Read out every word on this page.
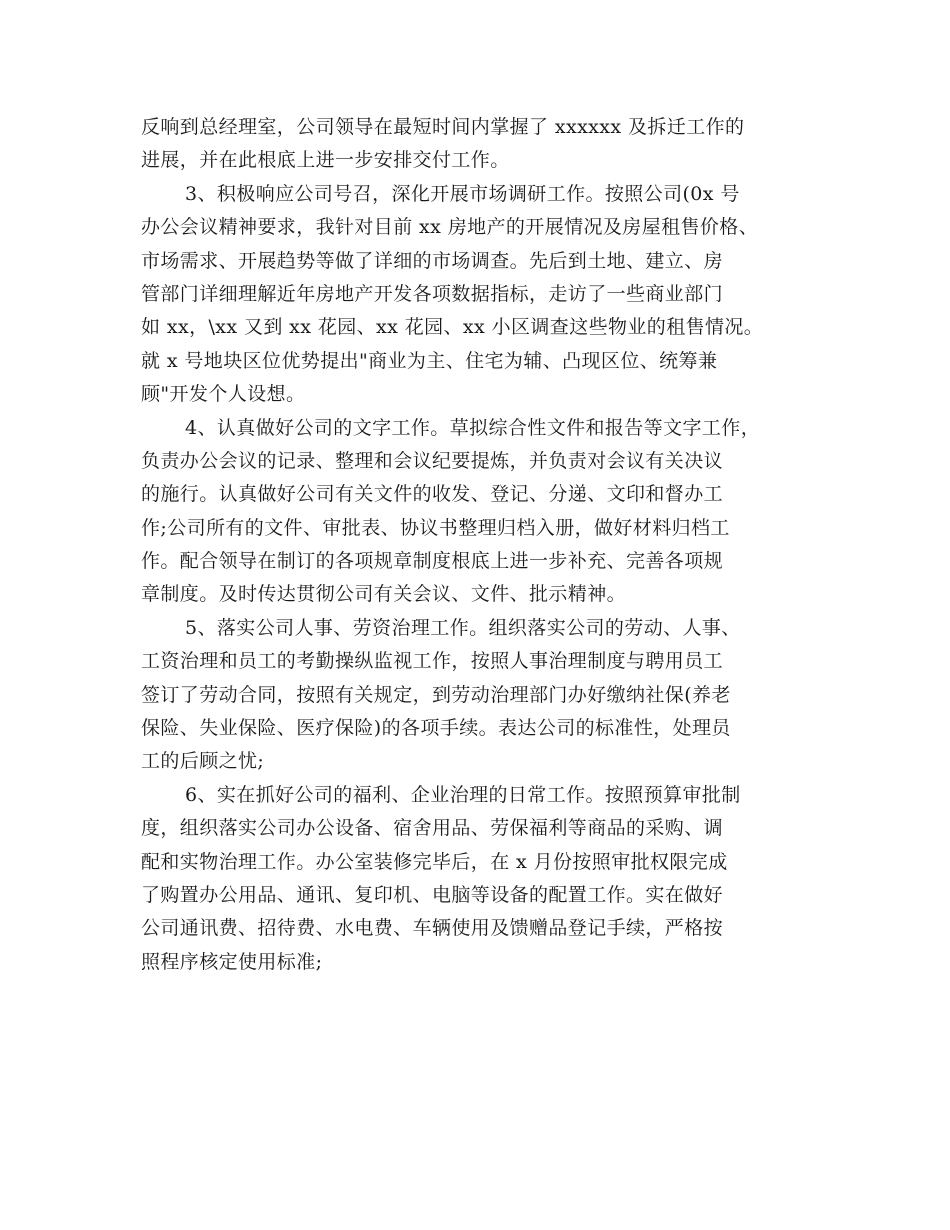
反响到总经理室，公司领导在最短时间内掌握了 xxxxxx 及拆迁工作的
进展，并在此根底上进一步安排交付工作。
3、积极响应公司号召，深化开展市场调研工作。按照公司(0x 号
办公会议精神要求，我针对目前 xx 房地产的开展情况及房屋租售价格、
市场需求、开展趋势等做了详细的市场调查。先后到土地、建立、房
管部门详细理解近年房地产开发各项数据指标，走访了一些商业部门
如 xx，\xx 又到 xx 花园、xx 花园、xx 小区调查这些物业的租售情况。
就 x 号地块区位优势提出"商业为主、住宅为辅、凸现区位、统筹兼
顾"开发个人设想。
4、认真做好公司的文字工作。草拟综合性文件和报告等文字工作，
负责办公会议的记录、整理和会议纪要提炼，并负责对会议有关决议
的施行。认真做好公司有关文件的收发、登记、分递、文印和督办工
作;公司所有的文件、审批表、协议书整理归档入册，做好材料归档工
作。配合领导在制订的各项规章制度根底上进一步补充、完善各项规
章制度。及时传达贯彻公司有关会议、文件、批示精神。
5、落实公司人事、劳资治理工作。组织落实公司的劳动、人事、
工资治理和员工的考勤操纵监视工作，按照人事治理制度与聘用员工
签订了劳动合同，按照有关规定，到劳动治理部门办好缴纳社保(养老
保险、失业保险、医疗保险)的各项手续。表达公司的标准性，处理员
工的后顾之忧;
6、实在抓好公司的福利、企业治理的日常工作。按照预算审批制
度，组织落实公司办公设备、宿舍用品、劳保福利等商品的采购、调
配和实物治理工作。办公室装修完毕后，在 x 月份按照审批权限完成
了购置办公用品、通讯、复印机、电脑等设备的配置工作。实在做好
公司通讯费、招待费、水电费、车辆使用及馈赠品登记手续，严格按
照程序核定使用标准;
